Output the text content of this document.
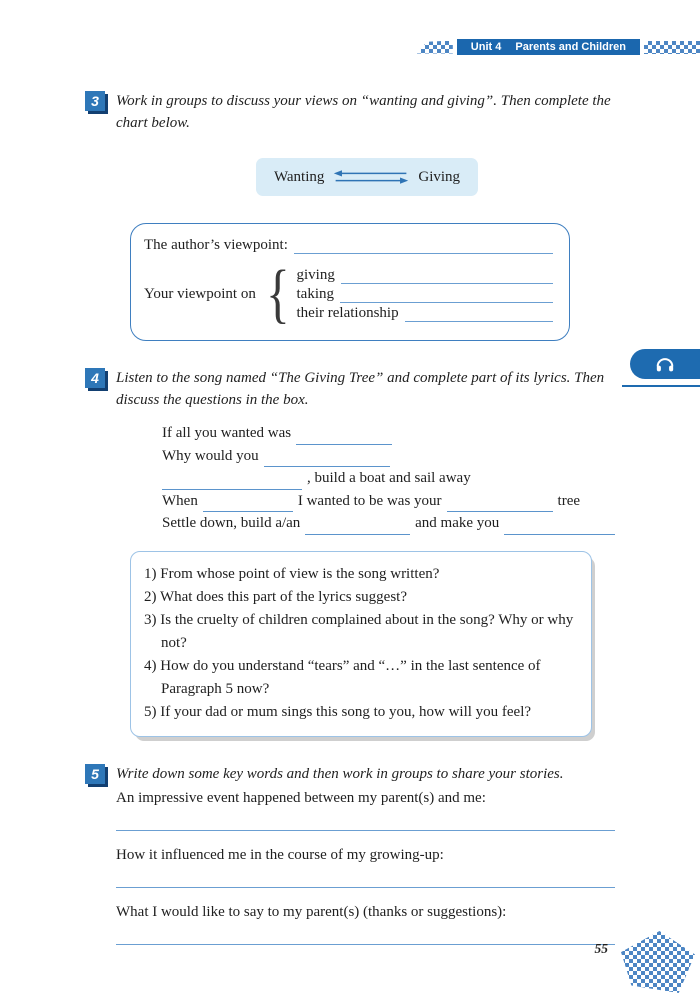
Unit 4 Parents and Children
3	Work in groups to discuss your views on “wanting and giving”. Then complete the chart below.

Wanting	Giving
The author’s viewpoint:
Your viewpoint on { giving
taking
their relationship
4	Listen to the song named “The Giving Tree” and complete part of its lyrics. Then discuss the questions in the box.

If all you wanted was
Why would you
, build a boat and sail away
When	I wanted to be was your	tree
Settle down, build a/an	and make you
1) From whose point of view is the song written?
2) What does this part of the lyrics suggest?
3) Is the cruelty of children complained about in the song? Why or why not?
4) How do you understand “tears” and “…” in the last sentence of Paragraph 5 now?
5) If your dad or mum sings this song to you, how will you feel?
5	Write down some key words and then work in groups to share your stories.

An impressive event happened between my parent(s) and me:

How it influenced me in the course of my growing-up:

What I would like to say to my parent(s) (thanks or suggestions):

55
